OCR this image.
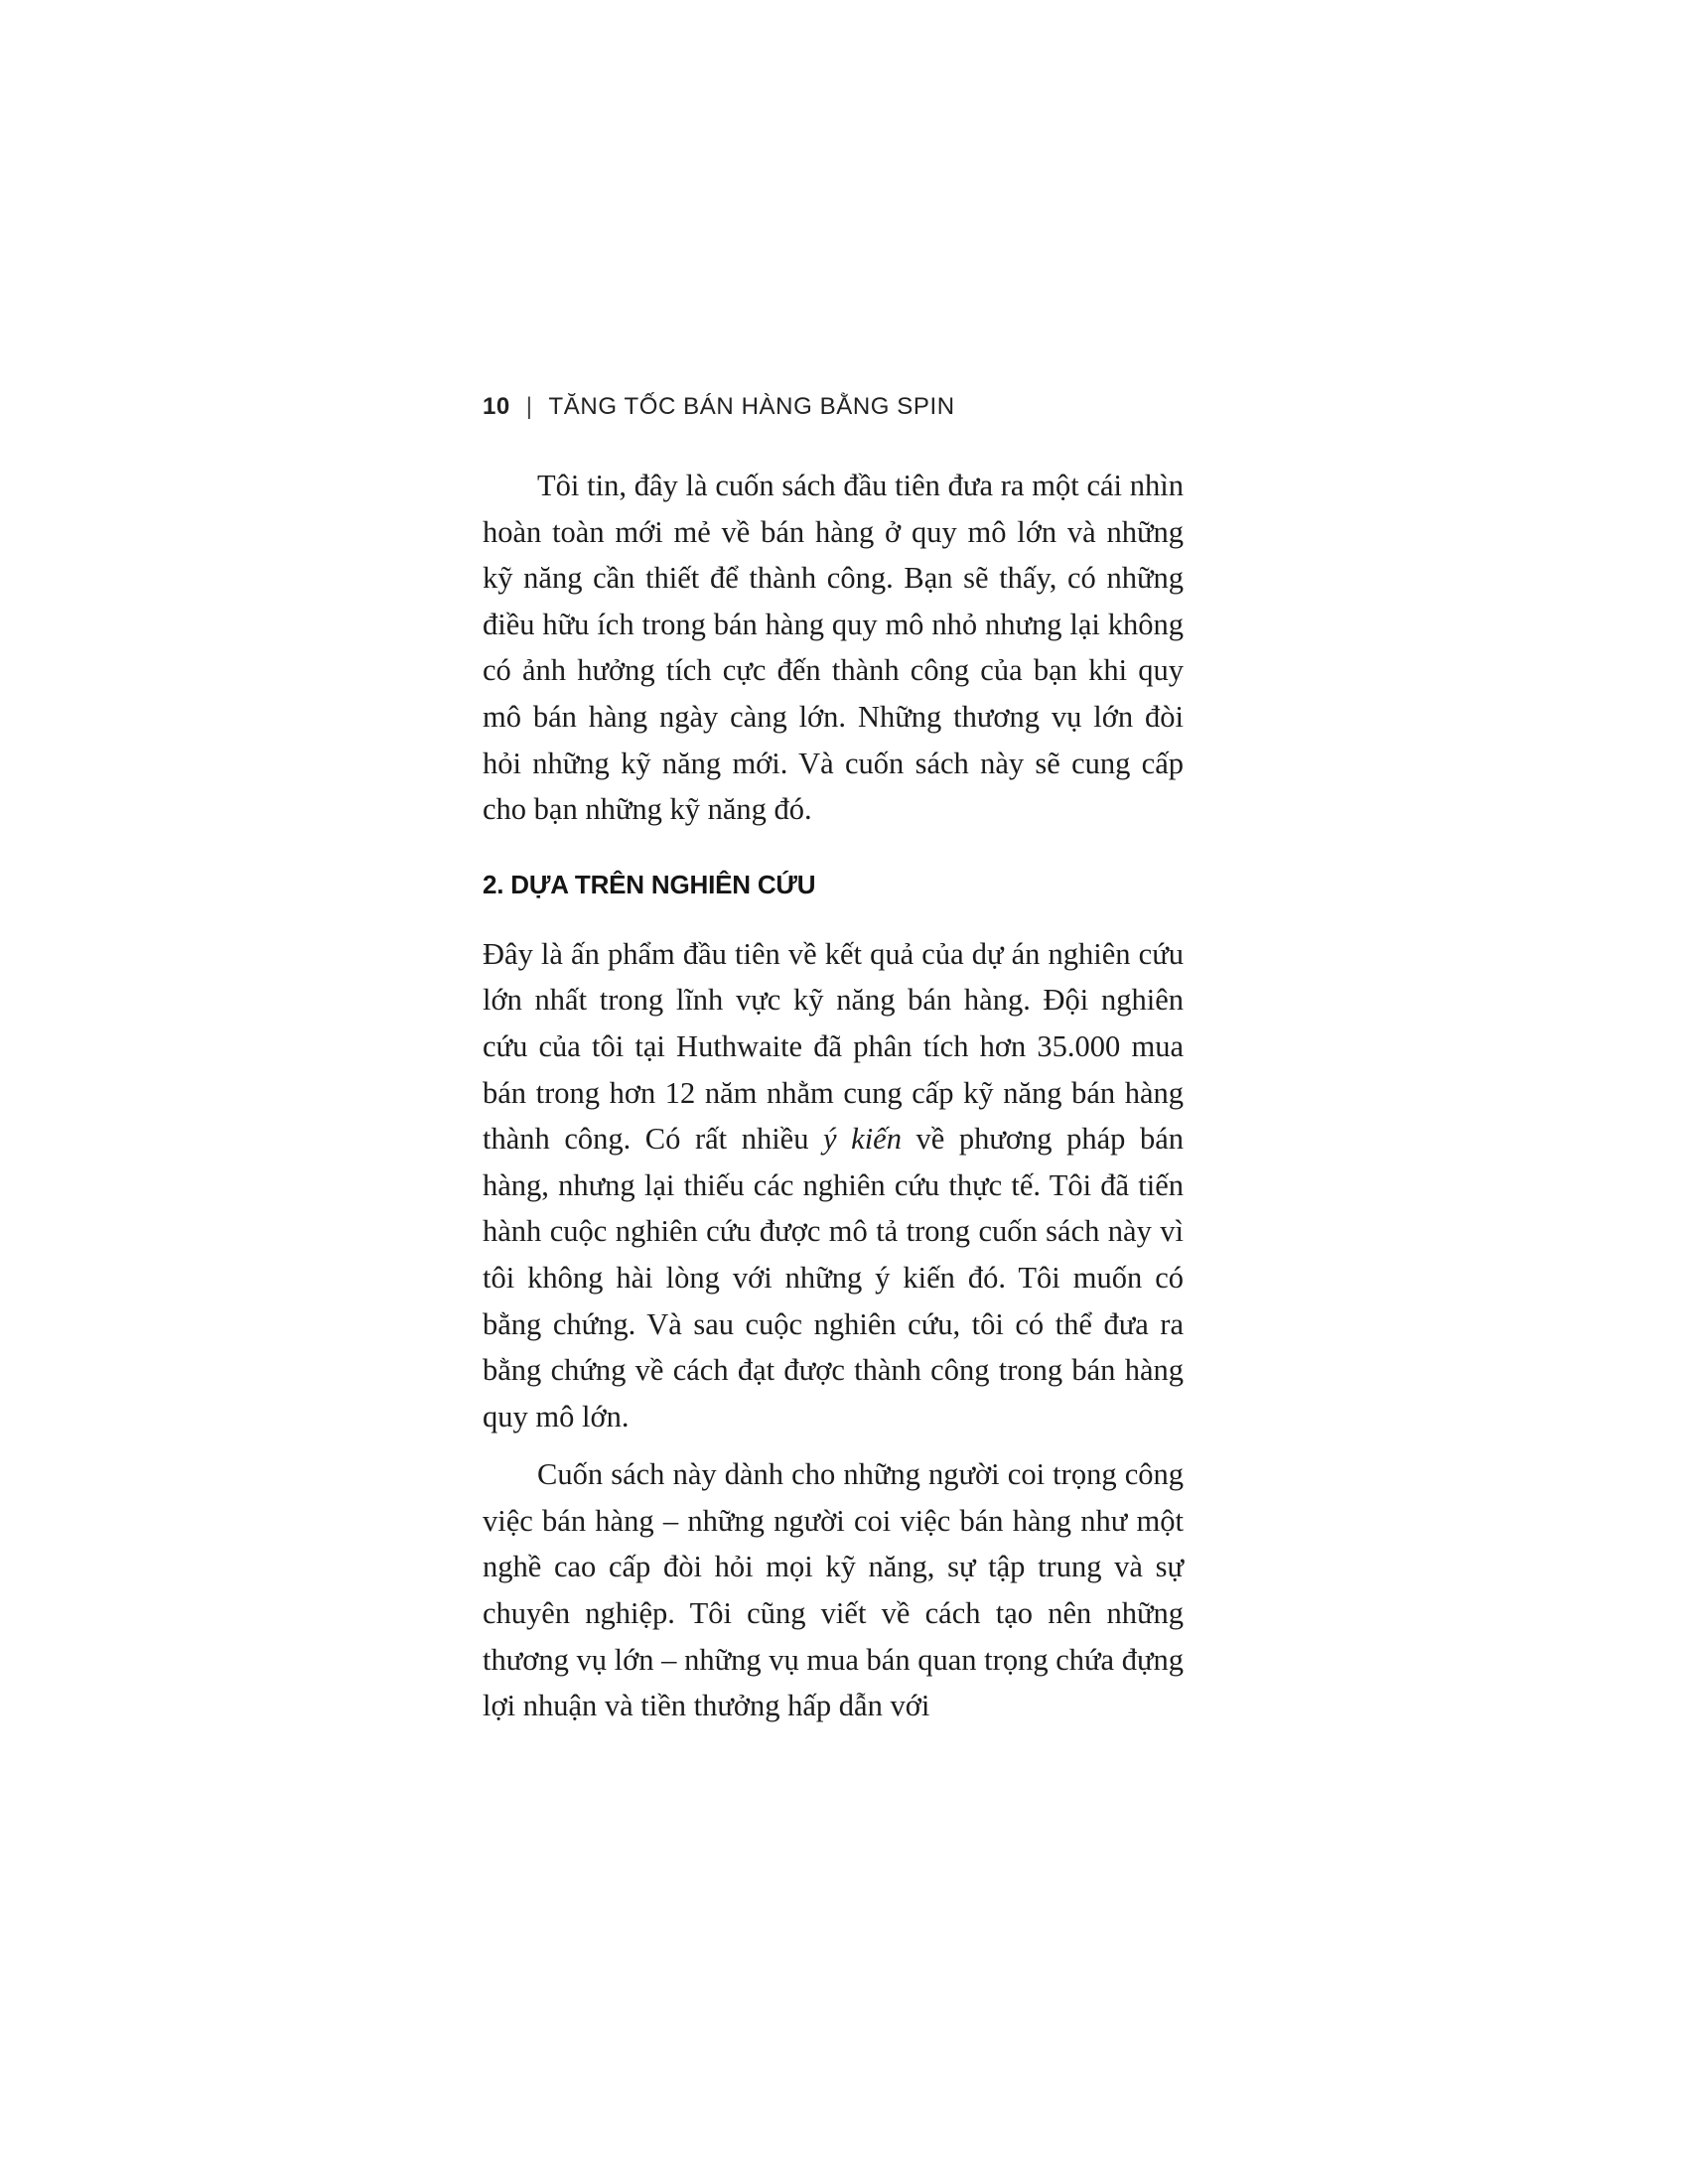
10 | TĂNG TỐC BÁN HÀNG BẰNG SPIN

Tôi tin, đây là cuốn sách đầu tiên đưa ra một cái nhìn hoàn toàn mới mẻ về bán hàng ở quy mô lớn và những kỹ năng cần thiết để thành công. Bạn sẽ thấy, có những điều hữu ích trong bán hàng quy mô nhỏ nhưng lại không có ảnh hưởng tích cực đến thành công của bạn khi quy mô bán hàng ngày càng lớn. Những thương vụ lớn đòi hỏi những kỹ năng mới. Và cuốn sách này sẽ cung cấp cho bạn những kỹ năng đó.

2. DỰA TRÊN NGHIÊN CỨU

Đây là ấn phẩm đầu tiên về kết quả của dự án nghiên cứu lớn nhất trong lĩnh vực kỹ năng bán hàng. Đội nghiên cứu của tôi tại Huthwaite đã phân tích hơn 35.000 mua bán trong hơn 12 năm nhằm cung cấp kỹ năng bán hàng thành công. Có rất nhiều ý kiến về phương pháp bán hàng, nhưng lại thiếu các nghiên cứu thực tế. Tôi đã tiến hành cuộc nghiên cứu được mô tả trong cuốn sách này vì tôi không hài lòng với những ý kiến đó. Tôi muốn có bằng chứng. Và sau cuộc nghiên cứu, tôi có thể đưa ra bằng chứng về cách đạt được thành công trong bán hàng quy mô lớn.

Cuốn sách này dành cho những người coi trọng công việc bán hàng – những người coi việc bán hàng như một nghề cao cấp đòi hỏi mọi kỹ năng, sự tập trung và sự chuyên nghiệp. Tôi cũng viết về cách tạo nên những thương vụ lớn – những vụ mua bán quan trọng chứa đựng lợi nhuận và tiền thưởng hấp dẫn với
